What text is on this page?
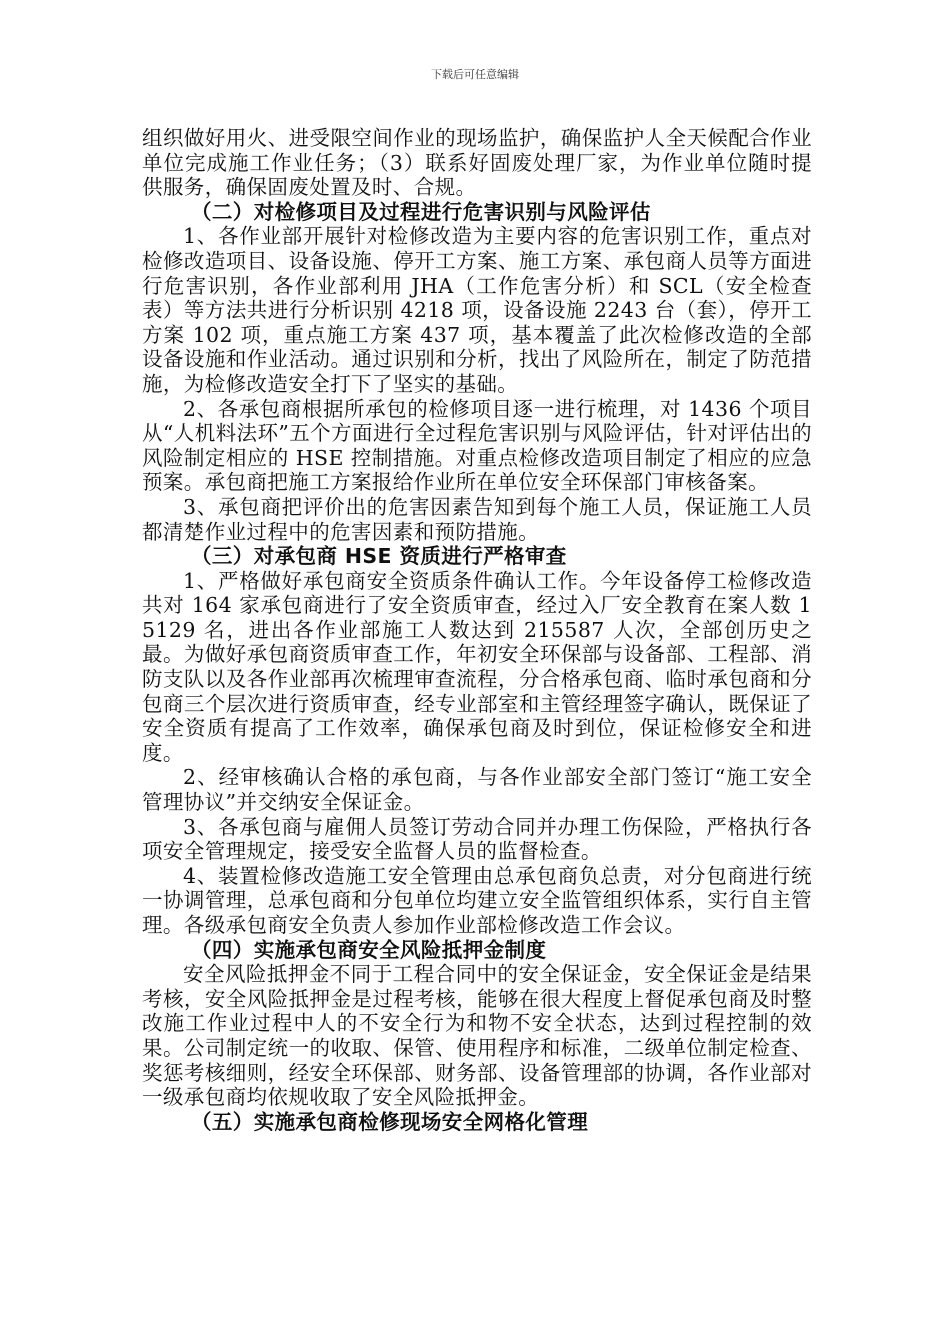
下载后可任意编辑

组织做好用火、进受限空间作业的现场监护，确保监护人全天候配合作业单位完成施工作业任务；（3）联系好固废处理厂家，为作业单位随时提供服务，确保固废处置及时、合规。

（二）对检修项目及过程进行危害识别与风险评估

1、各作业部开展针对检修改造为主要内容的危害识别工作，重点对检修改造项目、设备设施、停开工方案、施工方案、承包商人员等方面进行危害识别，各作业部利用 JHA（工作危害分析）和 SCL（安全检查表）等方法共进行分析识别 4218 项，设备设施 2243 台（套），停开工方案 102 项，重点施工方案 437 项，基本覆盖了此次检修改造的全部设备设施和作业活动。通过识别和分析，找出了风险所在，制定了防范措施，为检修改造安全打下了坚实的基础。

2、各承包商根据所承包的检修项目逐一进行梳理，对 1436 个项目从“人机料法环”五个方面进行全过程危害识别与风险评估，针对评估出的风险制定相应的 HSE 控制措施。对重点检修改造项目制定了相应的应急预案。承包商把施工方案报给作业所在单位安全环保部门审核备案。

3、承包商把评价出的危害因素告知到每个施工人员，保证施工人员都清楚作业过程中的危害因素和预防措施。

（三）对承包商 HSE 资质进行严格审查

1、严格做好承包商安全资质条件确认工作。今年设备停工检修改造共对 164 家承包商进行了安全资质审查，经过入厂安全教育在案人数 15129 名，进出各作业部施工人数达到 215587 人次，全部创历史之最。为做好承包商资质审查工作，年初安全环保部与设备部、工程部、消防支队以及各作业部再次梳理审查流程，分合格承包商、临时承包商和分包商三个层次进行资质审查，经专业部室和主管经理签字确认，既保证了安全资质有提高了工作效率，确保承包商及时到位，保证检修安全和进度。

2、经审核确认合格的承包商，与各作业部安全部门签订“施工安全管理协议”并交纳安全保证金。

3、各承包商与雇佣人员签订劳动合同并办理工伤保险，严格执行各项安全管理规定，接受安全监督人员的监督检查。

4、装置检修改造施工安全管理由总承包商负总责，对分包商进行统一协调管理，总承包商和分包单位均建立安全监管组织体系，实行自主管理。各级承包商安全负责人参加作业部检修改造工作会议。

（四）实施承包商安全风险抵押金制度

安全风险抵押金不同于工程合同中的安全保证金，安全保证金是结果考核，安全风险抵押金是过程考核，能够在很大程度上督促承包商及时整改施工作业过程中人的不安全行为和物不安全状态，达到过程控制的效果。公司制定统一的收取、保管、使用程序和标准，二级单位制定检查、奖惩考核细则，经安全环保部、财务部、设备管理部的协调，各作业部对一级承包商均依规收取了安全风险抵押金。

（五）实施承包商检修现场安全网格化管理
